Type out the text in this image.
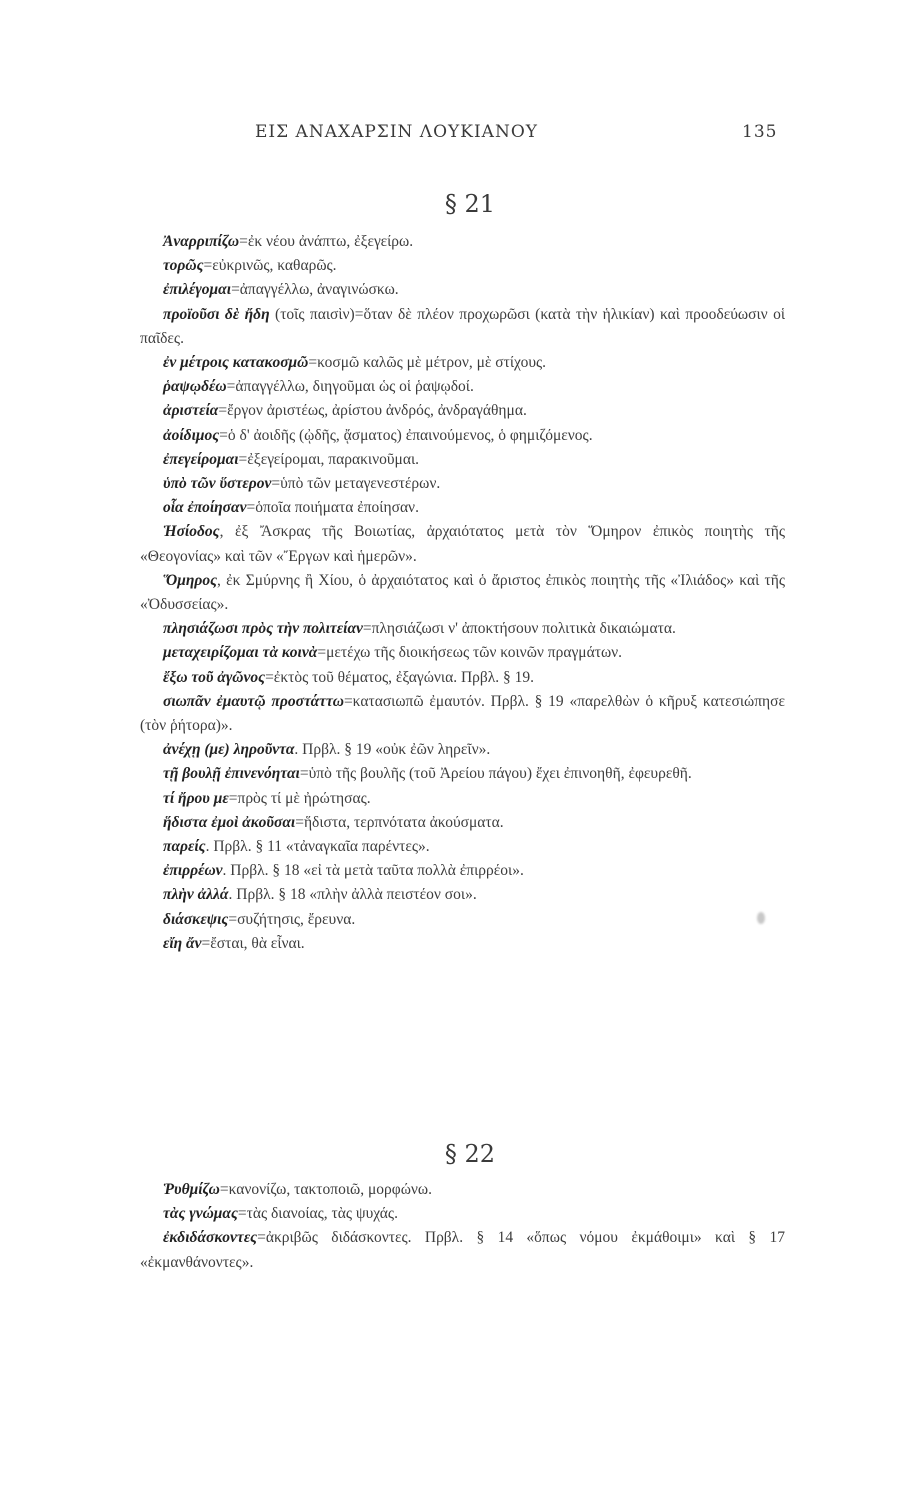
ΕΙΣ ΑΝΑΧΑΡΣΙΝ ΛΟΥΚΙΑΝΟΥ	135
§ 21

Ἀναρριπίζω=ἐκ νέου ἀνάπτω, ἐξεγείρω.

τορῶς=εὐκρινῶς, καθαρῶς.

ἐπιλέγομαι=ἀπαγγέλλω, ἀναγινώσκω.

προϊοῦσι δὲ ἤδη (τοῖς παισὶν)=ὅταν δὲ πλέον προχωρῶσι (κατὰ τὴν ἡλικίαν) καὶ προοδεύωσιν οἱ παῖδες.

ἐν μέτροις κατακοσμῶ=κοσμῶ καλῶς μὲ μέτρον, μὲ στίχους.

ῥαψῳδέω=ἀπαγγέλλω, διηγοῦμαι ὡς οἱ ῥαψῳδοί.

ἀριστεία=ἔργον ἀριστέως, ἀρίστου ἀνδρός, ἀνδραγάθημα.

ἀοίδιμος=ὁ δ' ἀοιδῆς (ᾠδῆς, ᾄσματος) ἐπαινούμενος, ὁ φημιζόμενος.

ἐπεγείρομαι=ἐξεγείρομαι, παρακινοῦμαι.

ὑπὸ τῶν ὕστερον=ὑπὸ τῶν μεταγενεστέρων.

οἷα ἐποίησαν=ὁποῖα ποιήματα ἐποίησαν.

Ἡσίοδος, ἐξ Ἄσκρας τῆς Βοιωτίας, ἀρχαιότατος μετὰ τὸν Ὅμηρον ἐπικὸς ποιητὴς τῆς «Θεογονίας» καὶ τῶν «Ἔργων καὶ ἡμερῶν».

Ὅμηρος, ἐκ Σμύρνης ἢ Χίου, ὁ ἀρχαιότατος καὶ ὁ ἄριστος ἐπικὸς ποιητὴς τῆς «Ἰλιάδος» καὶ τῆς «Ὀδυσσείας».

πλησιάζωσι πρὸς τὴν πολιτείαν=πλησιάζωσι ν' ἀποκτήσουν πολιτικὰ δικαιώματα.

μεταχειρίζομαι τὰ κοινὰ=μετέχω τῆς διοικήσεως τῶν κοινῶν πραγμάτων.

ἔξω τοῦ ἀγῶνος=ἐκτὸς τοῦ θέματος, ἐξαγώνια. Πρβλ. § 19.

σιωπᾶν ἐμαυτῷ προστάττω=κατασιωπῶ ἐμαυτόν. Πρβλ. § 19 «παρελθὼν ὁ κῆρυξ κατεσιώπησε (τὸν ῥήτορα)».

ἀνέχῃ (με) ληροῦντα. Πρβλ. § 19 «οὐκ ἐῶν ληρεῖν».

τῇ βουλῇ ἐπινενόηται=ὑπὸ τῆς βουλῆς (τοῦ Ἀρείου πάγου) ἔχει ἐπινοηθῆ, ἐφευρεθῆ.

τί ἤρου με=πρὸς τί μὲ ἠρώτησας.

ἥδιστα ἐμοὶ ἀκοῦσαι=ἥδιστα, τερπνότατα ἀκούσματα.

παρείς. Πρβλ. § 11 «τἀναγκαῖα παρέντες».

ἐπιρρέων. Πρβλ. § 18 «εἰ τὰ μετὰ ταῦτα πολλὰ ἐπιρρέοι».

πλὴν ἀλλά. Πρβλ. § 18 «πλὴν ἀλλὰ πειστέον σοι».

διάσκεψις=συζήτησις, ἔρευνα.

εἴη ἄν=ἔσται, θὰ εἶναι.

§ 22

Ῥυθμίζω=κανονίζω, τακτοποιῶ, μορφώνω.

τὰς γνώμας=τὰς διανοίας, τὰς ψυχάς.

ἐκδιδάσκοντες=ἀκριβῶς διδάσκοντες. Πρβλ. § 14 «ὅπως νόμου ἐκμάθοιμι» καὶ § 17 «ἐκμανθάνοντες».
